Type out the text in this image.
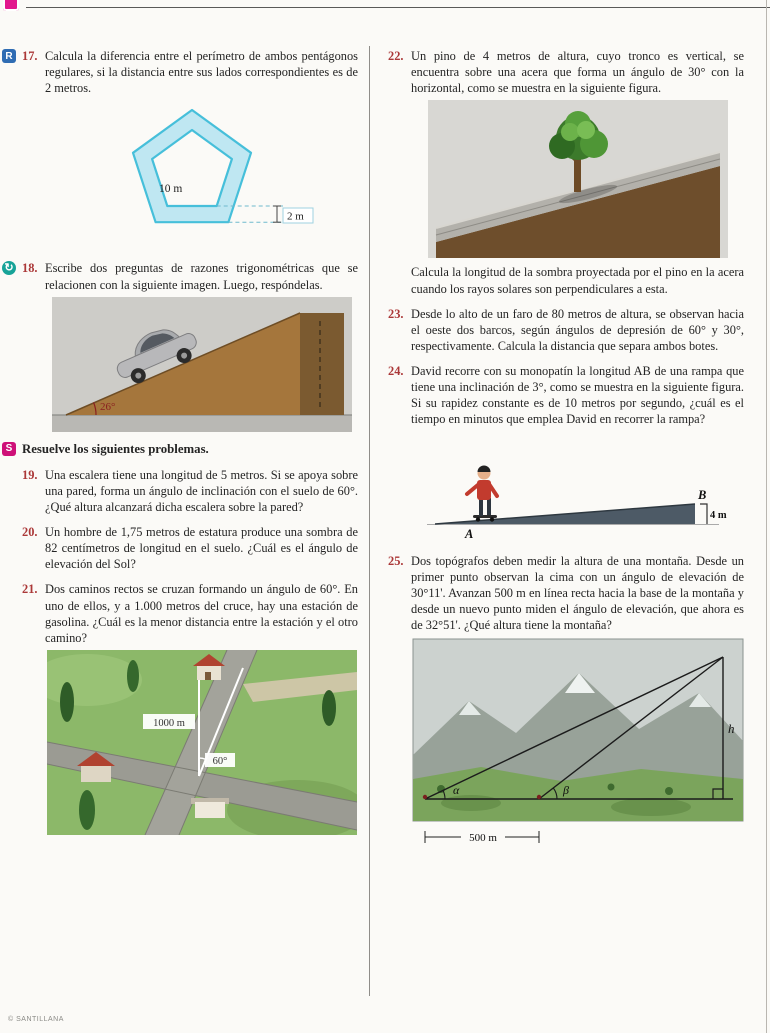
R 17. Calcula la diferencia entre el perímetro de ambos pentágonos regulares, si la distancia entre sus lados correspondientes es de 2 metros.
10 m
2 m
↻ 18. Escribe dos preguntas de razones trigonométricas que se relacionen con la siguiente imagen. Luego, respóndelas.
26°
S Resuelve los siguientes problemas.
19. Una escalera tiene una longitud de 5 metros. Si se apoya sobre una pared, forma un ángulo de inclinación con el suelo de 60°. ¿Qué altura alcanzará dicha escalera sobre la pared?
20. Un hombre de 1,75 metros de estatura produce una sombra de 82 centímetros de longitud en el suelo. ¿Cuál es el ángulo de elevación del Sol?
21. Dos caminos rectos se cruzan formando un ángulo de 60°. En uno de ellos, y a 1.000 metros del cruce, hay una estación de gasolina. ¿Cuál es la menor distancia entre la estación y el otro camino?
1000 m
60°
22. Un pino de 4 metros de altura, cuyo tronco es vertical, se encuentra sobre una acera que forma un ángulo de 30° con la horizontal, como se muestra en la siguiente figura.
Calcula la longitud de la sombra proyectada por el pino en la acera cuando los rayos solares son perpendiculares a esta.
23. Desde lo alto de un faro de 80 metros de altura, se observan hacia el oeste dos barcos, según ángulos de depresión de 60° y 30°, respectivamente. Calcula la distancia que separa ambos botes.
24. David recorre con su monopatín la longitud AB de una rampa que tiene una inclinación de 3°, como se muestra en la siguiente figura. Si su rapidez constante es de 10 metros por segundo, ¿cuál es el tiempo en minutos que emplea David en recorrer la rampa?
A
B
4 m
25. Dos topógrafos deben medir la altura de una montaña. Desde un primer punto observan la cima con un ángulo de elevación de 30°11'. Avanzan 500 m en línea recta hacia la base de la montaña y desde un nuevo punto miden el ángulo de elevación, que ahora es de 32°51'. ¿Qué altura tiene la montaña?
α	β
h
500 m
© SANTILLANA
